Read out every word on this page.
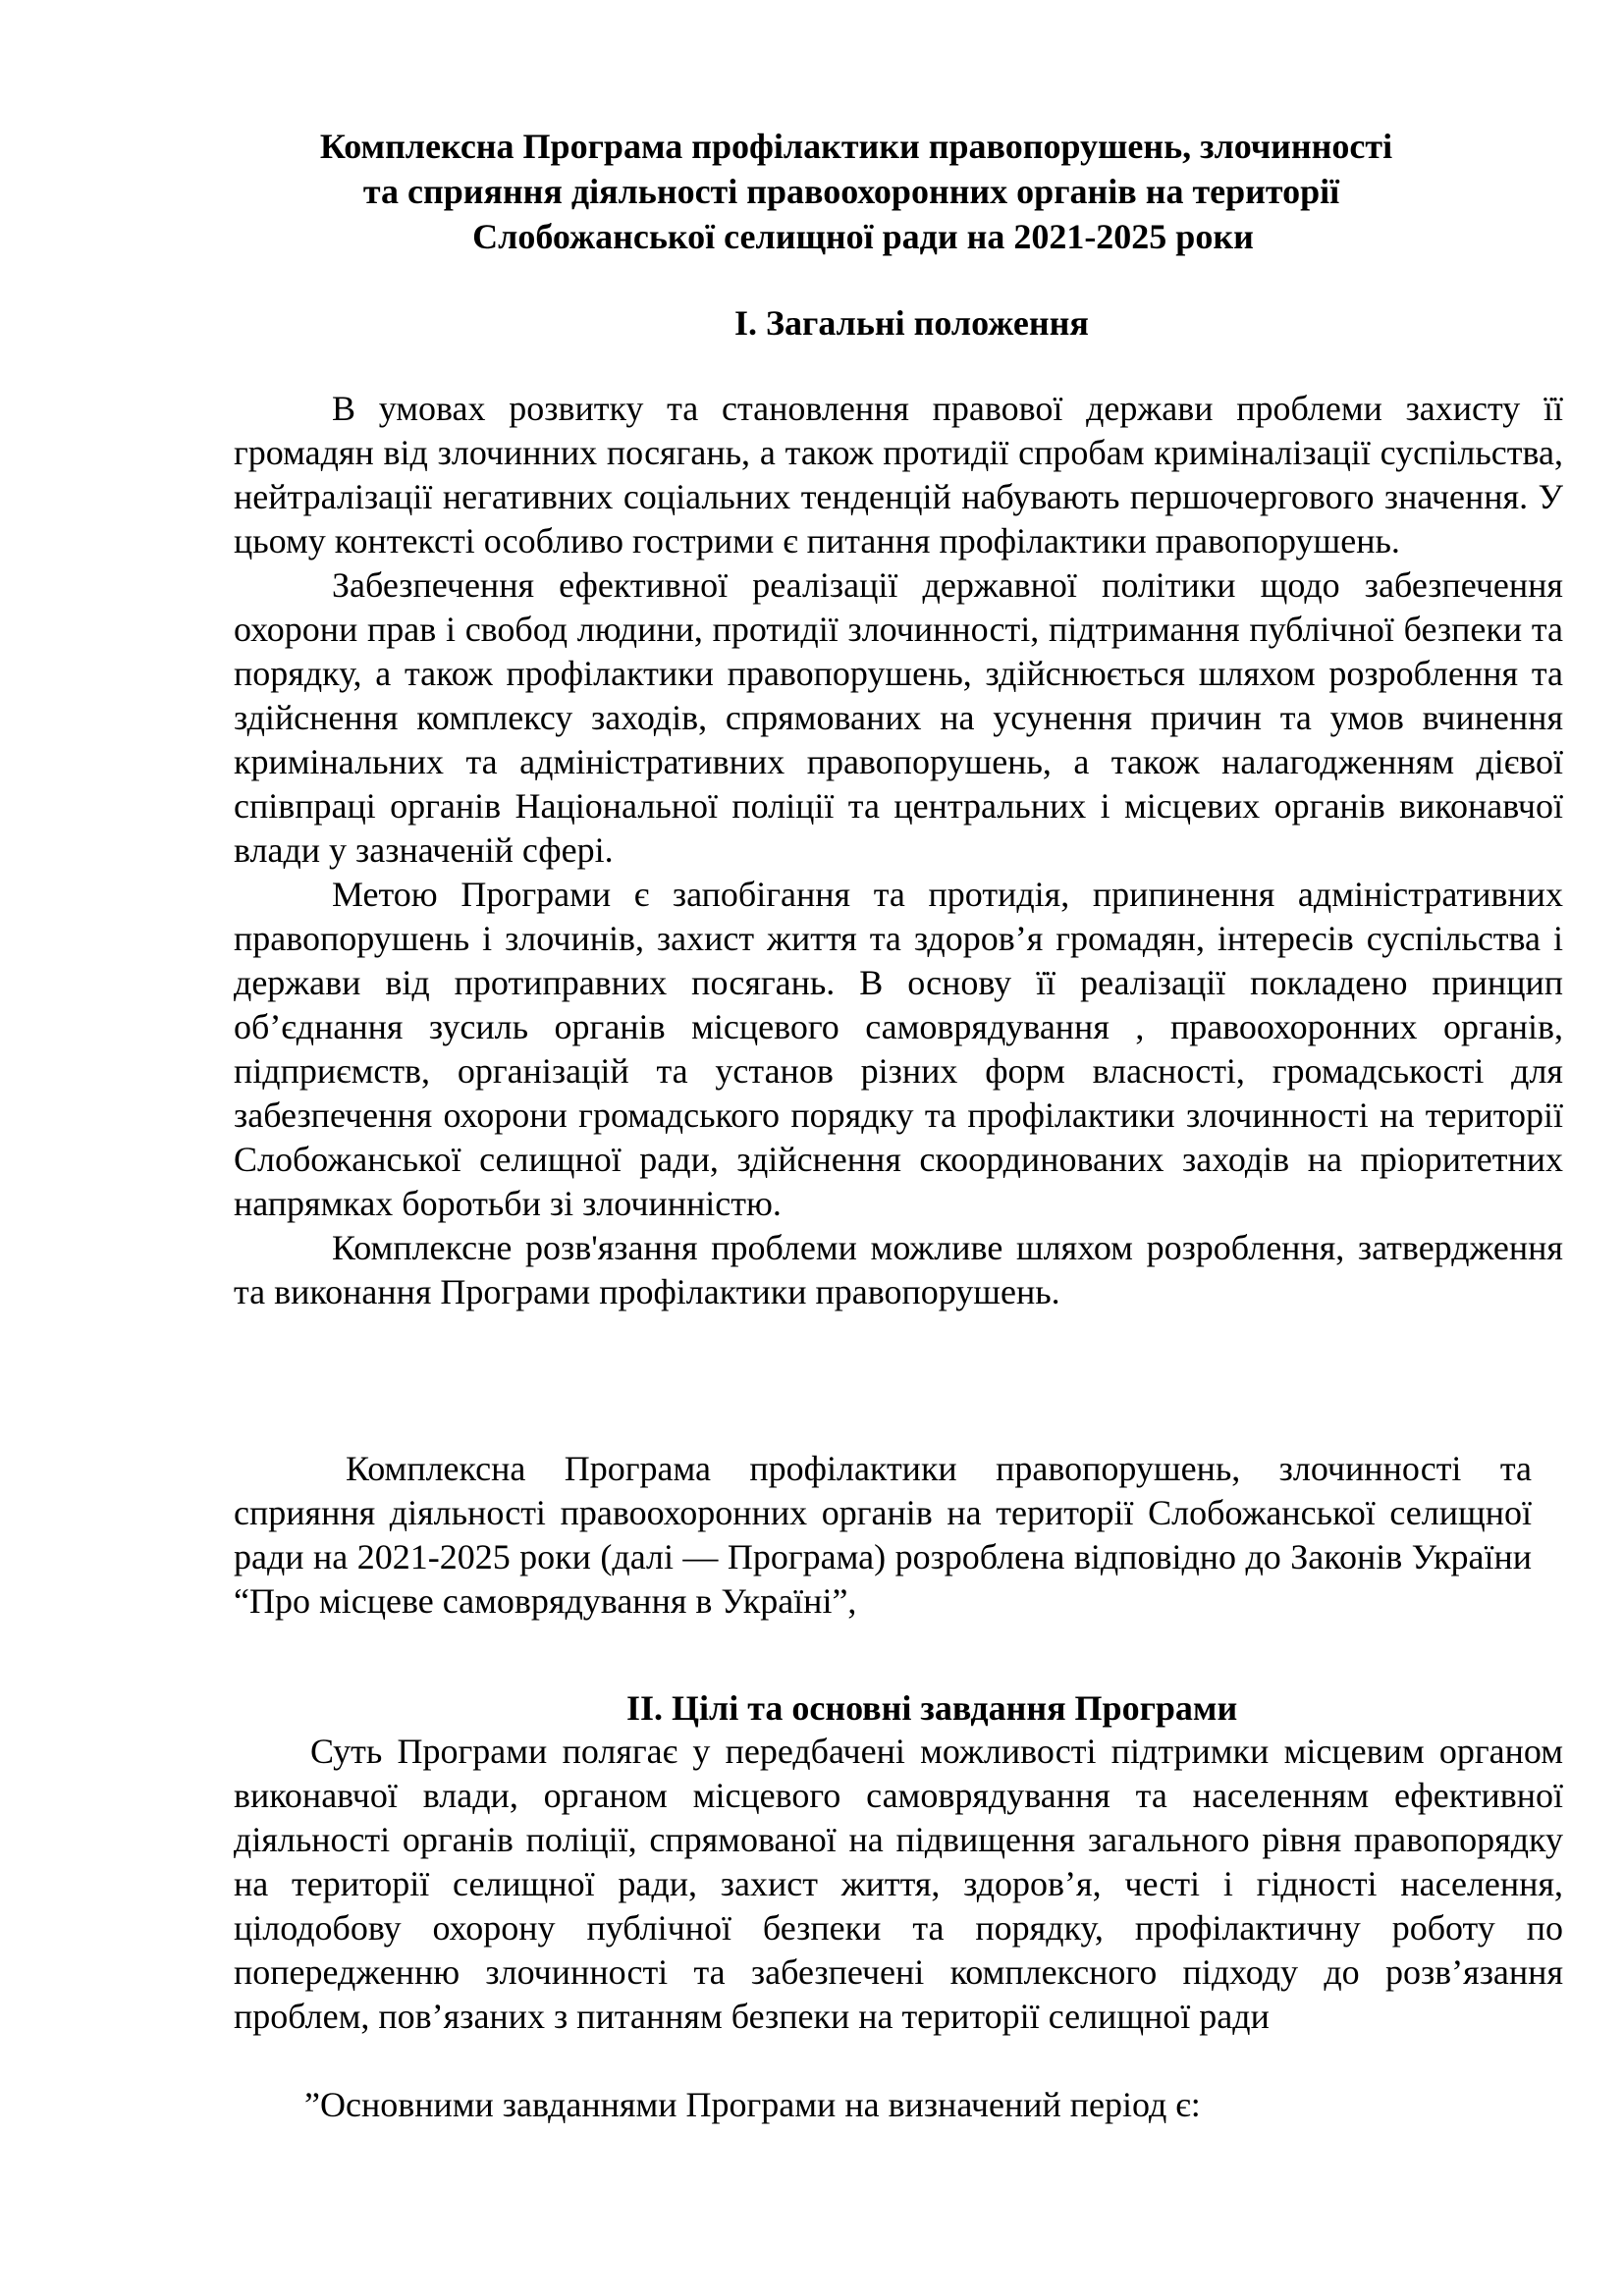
Комплексна Програма профілактики правопорушень, злочинності
та сприяння діяльності правоохоронних органів на території
Слобожанської селищної ради на 2021-2025 роки
I. Загальні положення

В умовах розвитку та становлення правової держави проблеми захисту її громадян від злочинних посягань, а також протидії спробам криміналізації суспільства, нейтралізації негативних соціальних тенденцій набувають першочергового значення. У цьому контексті особливо гострими є питання профілактики правопорушень.

Забезпечення ефективної реалізації державної політики щодо забезпечення охорони прав і свобод людини, протидії злочинності, підтримання публічної безпеки та порядку, а також профілактики правопорушень, здійснюється шляхом розроблення та здійснення комплексу заходів, спрямованих на усунення причин та умов вчинення кримінальних та адміністративних правопорушень, а також налагодженням дієвої співпраці органів Національної поліції та центральних і місцевих органів виконавчої влади у зазначеній сфері.

Метою Програми є запобігання та протидія, припинення адміністративних правопорушень і злочинів, захист життя та здоров’я громадян, інтересів суспільства і держави від протиправних посягань. В основу її реалізації покладено принцип об’єднання зусиль органів місцевого самоврядування , правоохоронних органів, підприємств, організацій та установ різних форм власності, громадськості для забезпечення охорони громадського порядку та профілактики злочинності на території Слобожанської селищної ради, здійснення скоординованих заходів на пріоритетних напрямках боротьби зі злочинністю.

Комплексне розв'язання проблеми можливе шляхом розроблення, затвердження та виконання Програми профілактики правопорушень.

Комплексна Програма профілактики правопорушень, злочинності та сприяння діяльності правоохоронних органів на території Слобожанської селищної ради на 2021-2025 роки (далі — Програма) розроблена відповідно до Законів України “Про місцеве самоврядування в Україні”,

II. Цілі та основні завдання Програми

Суть Програми полягає у передбачені можливості підтримки місцевим органом виконавчої влади, органом місцевого самоврядування та населенням ефективної діяльності органів поліції, спрямованої на підвищення загального рівня правопорядку на території селищної ради, захист життя, здоров’я, честі і гідності населення, цілодобову охорону публічної безпеки та порядку, профілактичну роботу по попередженню злочинності та забезпечені комплексного підходу до розв’язання проблем, пов’язаних з питанням безпеки на території селищної ради

”Основними завданнями Програми на визначений період є:
